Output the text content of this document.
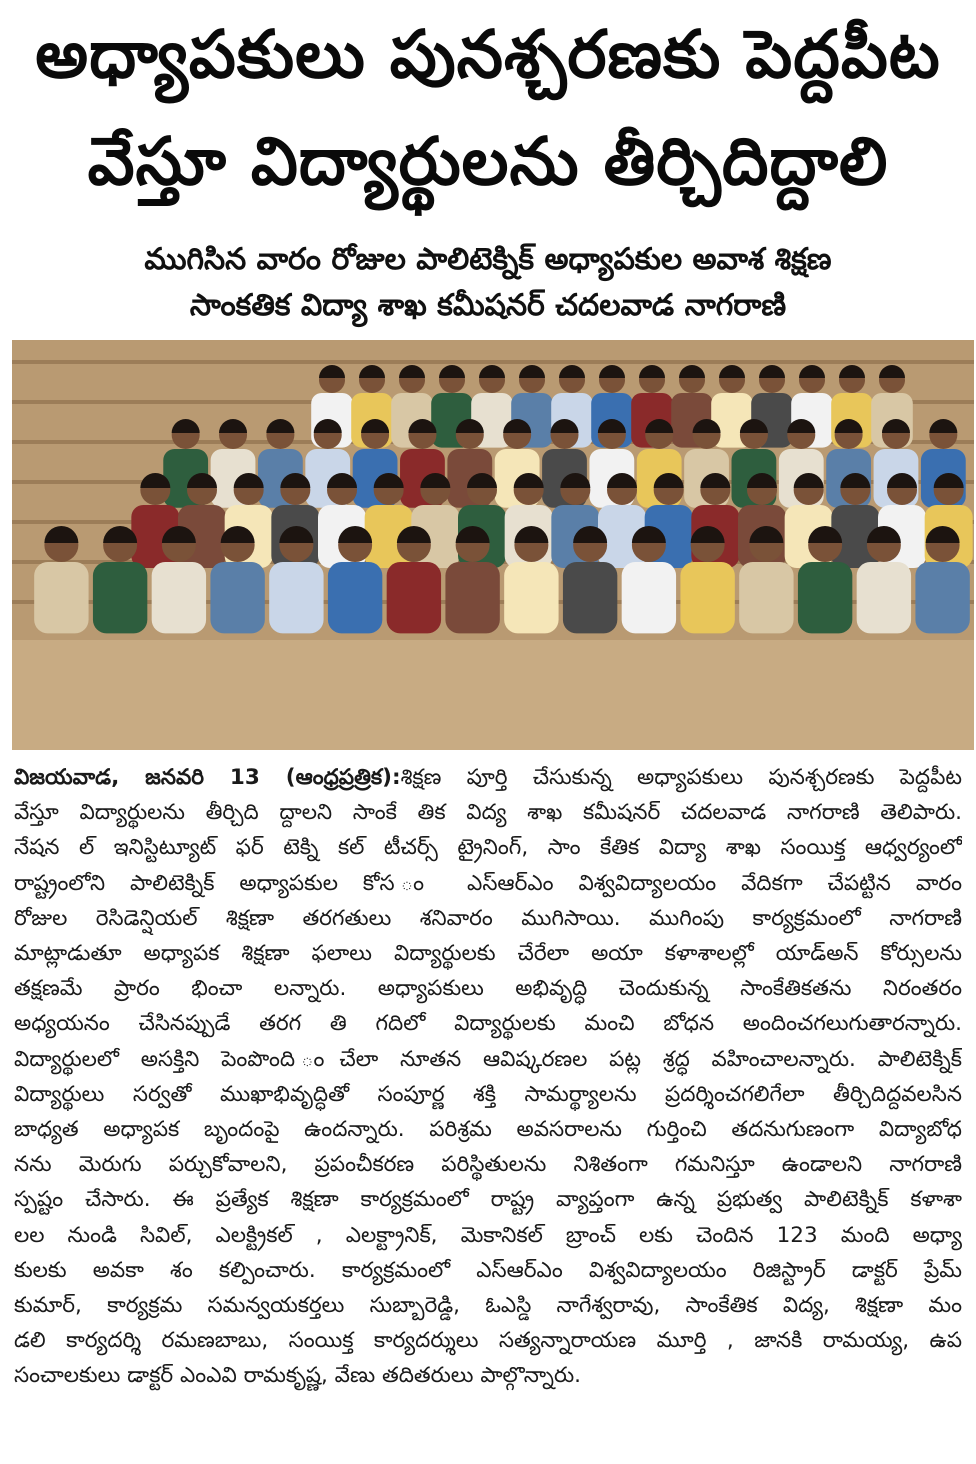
అధ్యాపకులు పునశ్చరణకు పెద్దపీట
వేస్తూ విద్యార్థులను తీర్చిదిద్దాలి
ముగిసిన వారం రోజుల పాలిటెక్నిక్ అధ్యాపకుల అవాశ శిక్షణ
సాంకతిక విద్యా శాఖ కమీషనర్ చదలవాడ నాగరాణి
విజయవాడ, జనవరి 13 (ఆంధ్రప్రత్రిక):శిక్షణ పూర్తి చేసుకున్న అధ్యాపకులు పునశ్చరణకు పెద్దపీట
వేస్తూ విద్యార్థులను తీర్చిది ద్దాలని సాంకే తిక విద్య శాఖ కమీషనర్ చదలవాడ నాగరాణి తెలిపారు.
నేషన ల్ ఇనిస్టిట్యూట్ ఫర్ టెక్ని కల్ టీచర్స్ ట్రైనింగ్, సాం కేతిక విద్యా శాఖ సంయిక్త ఆధ్వర్యంలో
రాష్ట్రంలోని పాలిటెక్నిక్ అధ్యాపకుల కోస ం ఎస్ఆర్ఎం విశ్వవిద్యాలయం వేదికగా చేపట్టిన వారం
రోజుల రెసిడెన్షియల్ శిక్షణా తరగతులు శనివారం ముగిసాయి. ముగింపు కార్యక్రమంలో నాగరాణి
మాట్లాడుతూ అధ్యాపక శిక్షణా ఫలాలు విద్యార్థులకు చేరేలా అయా కళాశాలల్లో యాడ్అన్ కోర్సులను
తక్షణమే ప్రారం భించా లన్నారు. అధ్యాపకులు అభివృద్ధి చెందుకున్న సాంకేతికతను నిరంతరం
అధ్యయనం చేసినప్పుడే తరగ తి గదిలో విద్యార్థులకు మంచి బోధన అందించగలుగుతారన్నారు.
విద్యార్థులలో అసక్తిని పెంపొంది ంచేలా నూతన ఆవిష్కరణల పట్ల శ్రద్ధ వహించాలన్నారు. పాలిటెక్నిక్
విద్యార్థులు సర్వతో ముఖాభివృద్ధితో సంపూర్ణ శక్తి సామర్థ్యాలను ప్రదర్శించగలిగేలా తీర్చిదిద్దవలసిన
బాధ్యత అధ్యాపక బృందంపై ఉందన్నారు. పరిశ్రమ అవసరాలను గుర్తించి తదనుగుణంగా విద్యాబోధ
నను మెరుగు పర్చుకోవాలని, ప్రపంచీకరణ పరిస్థితులను నిశితంగా గమనిస్తూ ఉండాలని నాగరాణి
స్పష్టం చేసారు. ఈ ప్రత్యేక శిక్షణా కార్యక్రమంలో రాష్ట్ర వ్యాప్తంగా ఉన్న ప్రభుత్వ పాలిటెక్నిక్ కళాశా
లల నుండి సివిల్, ఎలక్ట్రికల్ , ఎలక్ట్రానిక్, మెకానికల్ బ్రాంచ్ లకు చెందిన 123 మంది అధ్యా
కులకు అవకా శం కల్పించారు. కార్యక్రమంలో ఎస్ఆర్ఎం విశ్వవిద్యాలయం రిజిస్ట్రార్ డాక్టర్ ప్రేమ్
కుమార్, కార్యక్రమ సమన్వయకర్తలు సుబ్బారెడ్డి, ఓఎస్డి నాగేశ్వరావు, సాంకేతిక విద్య, శిక్షణా మం
డలి కార్యదర్శి రమణబాబు, సంయిక్త కార్యదర్శులు సత్యన్నారాయణ మూర్తి , జానకి రామయ్య, ఉప
సంచాలకులు డాక్టర్ ఎంఎవి రామకృష్ణ, వేణు తదితరులు పాల్గొన్నారు.
